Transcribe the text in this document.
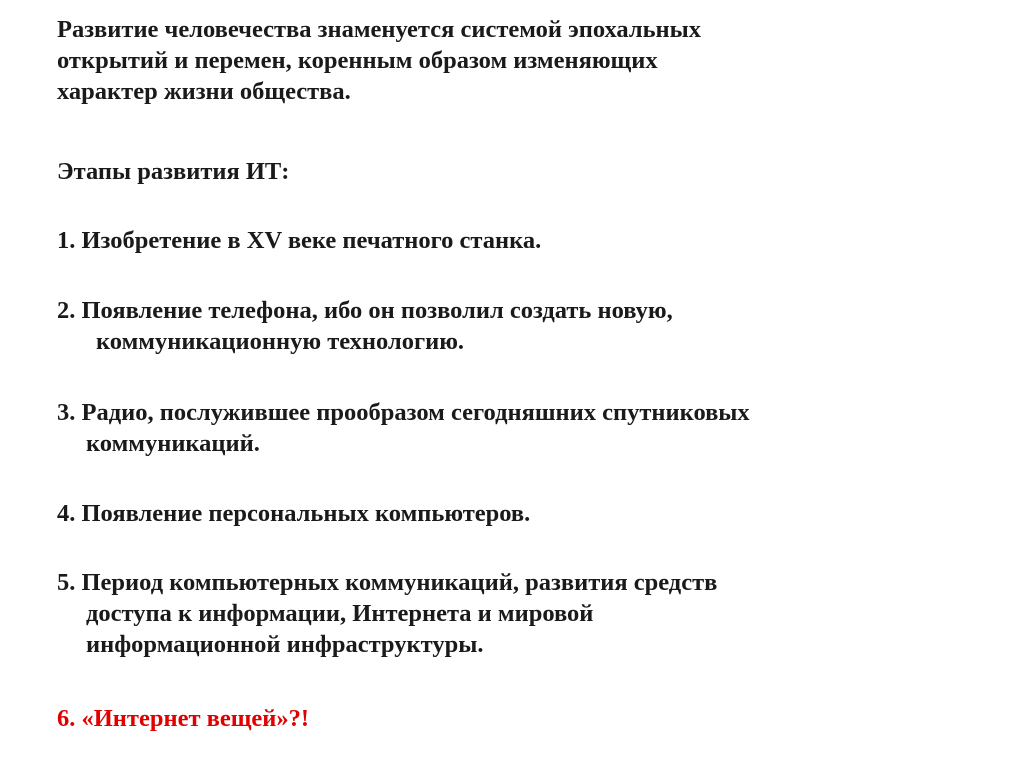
Развитие человечества знаменуется системой эпохальных
открытий и перемен, коренным образом изменяющих
характер жизни общества.
Этапы развития ИТ:
1. Изобретение в XV веке печатного станка.
2. Появление телефона, ибо он позволил создать новую,
коммуникационную технологию.
3. Радио, послужившее прообразом сегодняшних спутниковых
коммуникаций.
4. Появление персональных компьютеров.
5. Период компьютерных коммуникаций, развития средств
доступа к информации, Интернета и мировой
информационной инфраструктуры.
6. «Интернет вещей»?!
